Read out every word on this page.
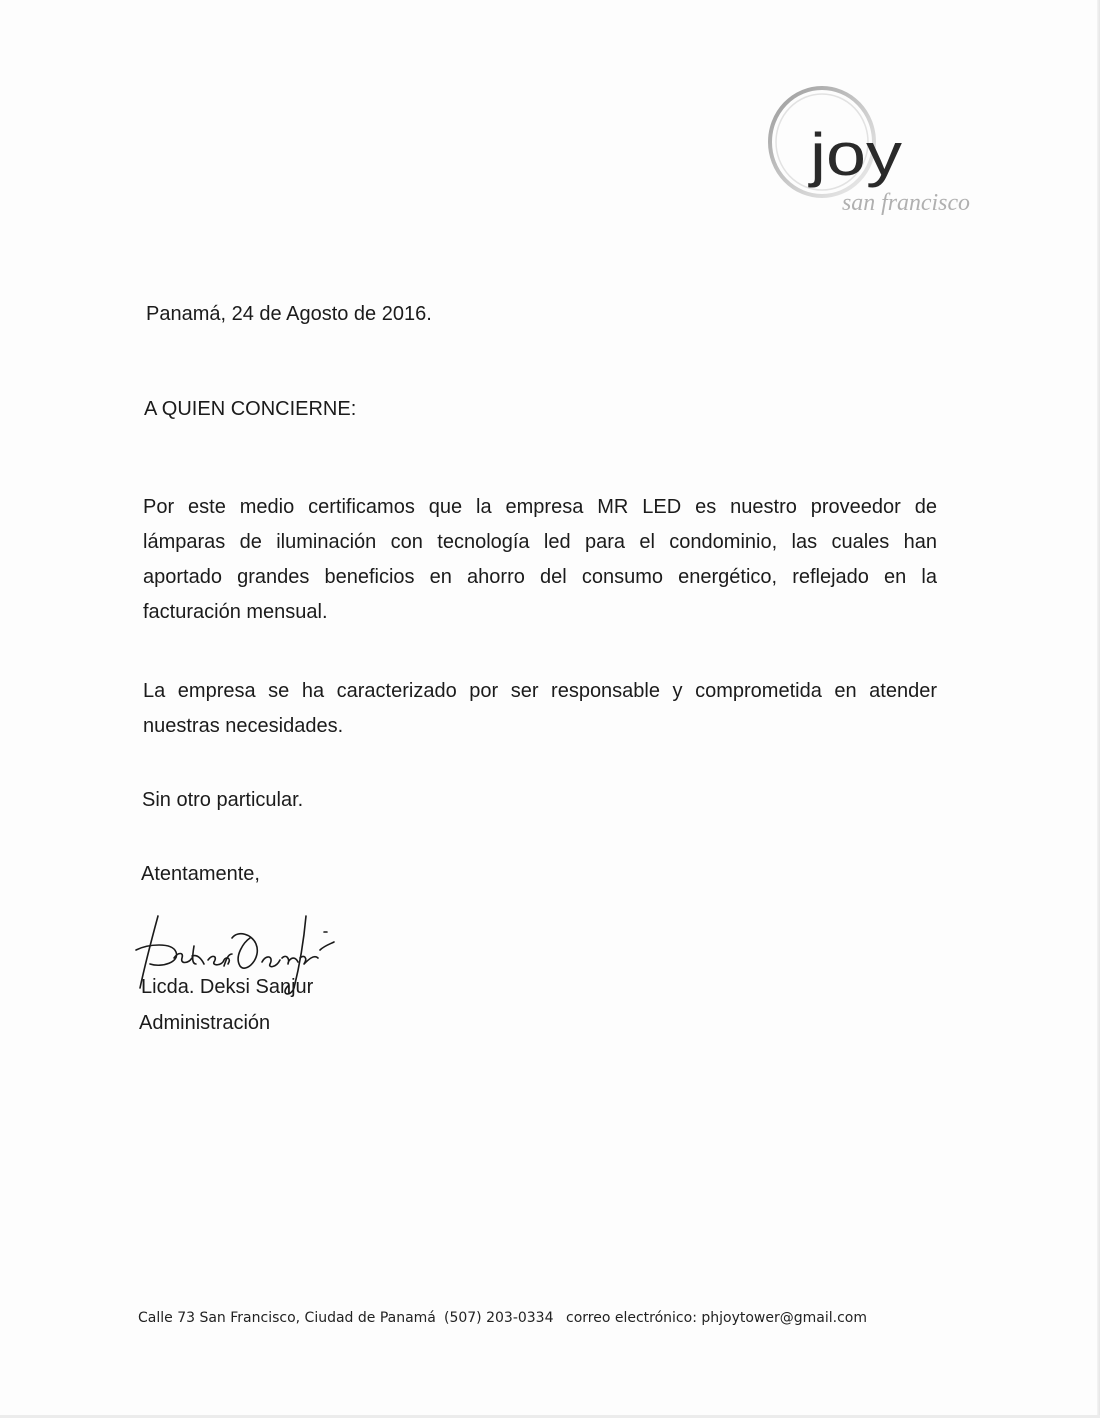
joy
san francisco
Panamá, 24 de Agosto de 2016.
A QUIEN CONCIERNE:
Por este medio certificamos que la empresa MR LED es nuestro proveedor de
lámparas de iluminación con tecnología led para el condominio, las cuales han
aportado grandes beneficios en ahorro del consumo energético, reflejado en la
facturación mensual.
La empresa se ha caracterizado por ser responsable y comprometida en atender
nuestras necesidades.
Sin otro particular.
Atentamente,
Licda. Deksi Sanjur
Administración
Calle 73 San Francisco, Ciudad de Panamá (507) 203-0334 correo electrónico: phjoytower@gmail.com
